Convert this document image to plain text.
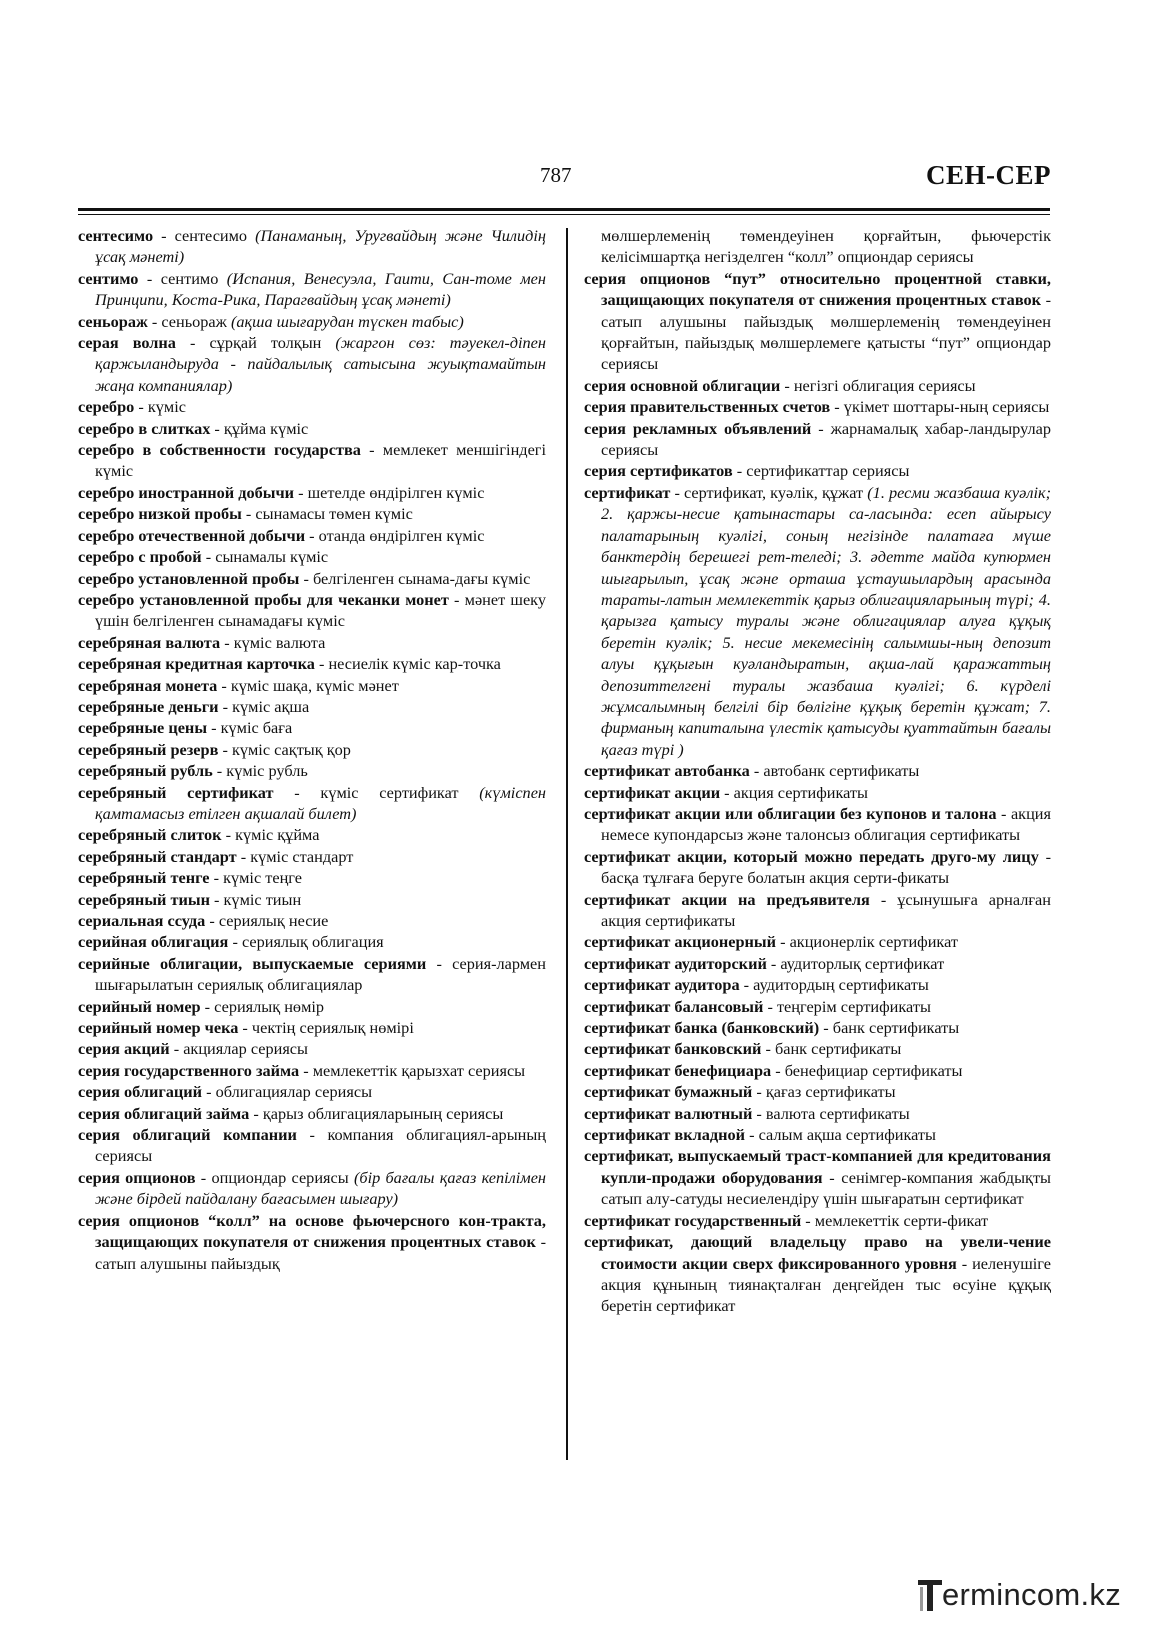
787	СЕН-СЕР

сентесимо - сентесимо (Панаманың, Уругвайдың және Чилидің ұсақ мәнеті)

сентимо - сентимо (Испания, Венесуэла, Гаити, Сан-томе мен Принципи, Коста-Рика, Парагвайдың ұсақ мәнеті)

сеньораж - сеньораж (ақша шығарудан түскен табыс)

серая волна - сұрқай толқын (жаргон сөз: тәуекел-діпен қаржыландыруда - пайдалылық сатысына жуықтамайтын жаңа компаниялар)

серебро - күміс

серебро в слитках - құйма күміс

серебро в собственности государства - мемлекет меншігіндегі күміс

серебро иностранной добычи - шетелде өндірілген күміс

серебро низкой пробы - сынамасы төмен күміс

серебро отечественной добычи - отанда өндірілген күміс

серебро с пробой - сынамалы күміс

серебро установленной пробы - белгіленген сынама-дағы күміс

серебро установленной пробы для чеканки монет - мәнет шеку үшін белгіленген сынамадағы күміс

серебряная валюта - күміс валюта

серебряная кредитная карточка - несиелік күміс кар-точка

серебряная монета - күміс шақа, күміс мәнет

серебряные деньги - күміс ақша

серебряные цены - күміс баға

серебряный резерв - күміс сақтық қор

серебряный рубль - күміс рубль

серебряный сертификат - күміс сертификат (күміспен қамтамасыз етілген ақшалай билет)

серебряный слиток - күміс құйма

серебряный стандарт - күміс стандарт

серебряный тенге - күміс теңге

серебряный тиын - күміс тиын

сериальная ссуда - сериялық несие

серийная облигация - сериялық облигация

серийные облигации, выпускаемые сериями - серия-лармен шығарылатын сериялық облигациялар

серийный номер - сериялық нөмір

серийный номер чека - чектің сериялық нөмірі

серия акций - акциялар сериясы

серия государственного займа - мемлекеттік қарызхат сериясы

серия облигаций - облигациялар сериясы

серия облигаций займа - қарыз облигацияларының сериясы

серия облигаций компании - компания облигациял-арының сериясы

серия опционов - опциондар сериясы (бір бағалы қағаз кепілімен және бірдей пайдалану бағасымен шығару)

серия опционов “колл” на основе фьючерсного кон-тракта, защищающих покупателя от снижения процентных ставок - сатып алушыны пайыздық

мөлшерлеменің төмендеуінен қорғайтын, фьючерстік келісімшартқа негізделген “колл” опциондар сериясы

серия опционов “пут” относительно процентной ставки, защищающих покупателя от снижения процентных ставок - сатып алушыны пайыздық мөлшерлеменің төмендеуінен қорғайтын, пайыздық мөлшерлемеге қатысты “пут” опциондар сериясы

серия основной облигации - негізгі облигация сериясы

серия правительственных счетов - үкімет шоттары-ның сериясы

серия рекламных объявлений - жарнамалық хабар-ландырулар сериясы

серия сертификатов - сертификаттар сериясы

сертификат - сертификат, куәлік, құжат (1. ресми жазбаша куәлік; 2. қаржы-несие қатынастары са-ласында: есеп айырысу палатарының куәлігі, соның негізінде палатаға мүше банктердің берешегі рет-теледі; 3. әдетте майда купюрмен шығарылып, ұсақ және орташа ұстаушылардың арасында тараты-латын мемлекеттік қарыз облигацияларының түрі; 4. қарызға қатысу туралы және облигациялар алуға құқық беретін куәлік; 5. несие мекемесінің салымшы-ның депозит алуы құқығын куәландыратын, ақша-лай қаражаттың депозиттелгені туралы жазбаша куәлігі; 6. күрделі жұмсалымның белгілі бір бөлігіне құқық беретін құжат; 7. фирманың капиталына үлестік қатысуды қуаттайтын бағалы қағаз түрі )

сертификат автобанка - автобанк сертификаты

сертификат акции - акция сертификаты

сертификат акции или облигации без купонов и талона - акция немесе купондарсыз және талонсыз облигация сертификаты

сертификат акции, который можно передать друго-му лицу - басқа тұлғаға беруге болатын акция серти-фикаты

сертификат акции на предъявителя - ұсынушыға арналған акция сертификаты

сертификат акционерный - акционерлік сертификат

сертификат аудиторский - аудиторлық сертификат

сертификат аудитора - аудитордың сертификаты

сертификат балансовый - теңгерім сертификаты

сертификат банка (банковский) - банк сертификаты

сертификат банковский - банк сертификаты

сертификат бенефициара - бенефициар сертификаты

сертификат бумажный - қағаз сертификаты

сертификат валютный - валюта сертификаты

сертификат вкладной - салым ақша сертификаты

сертификат, выпускаемый траст-компанией для кредитования купли-продажи оборудования - сенімгер-компания жабдықты сатып алу-сатуды несиелендіру үшін шығаратын сертификат

сертификат государственный - мемлекеттік серти-фикат

сертификат, дающий владельцу право на увели-чение стоимости акции сверх фиксированного уровня - иеленушіге акция құнының тиянақталған деңгейден тыс өсуіне құқық беретін сертификат

ermincom.kz
